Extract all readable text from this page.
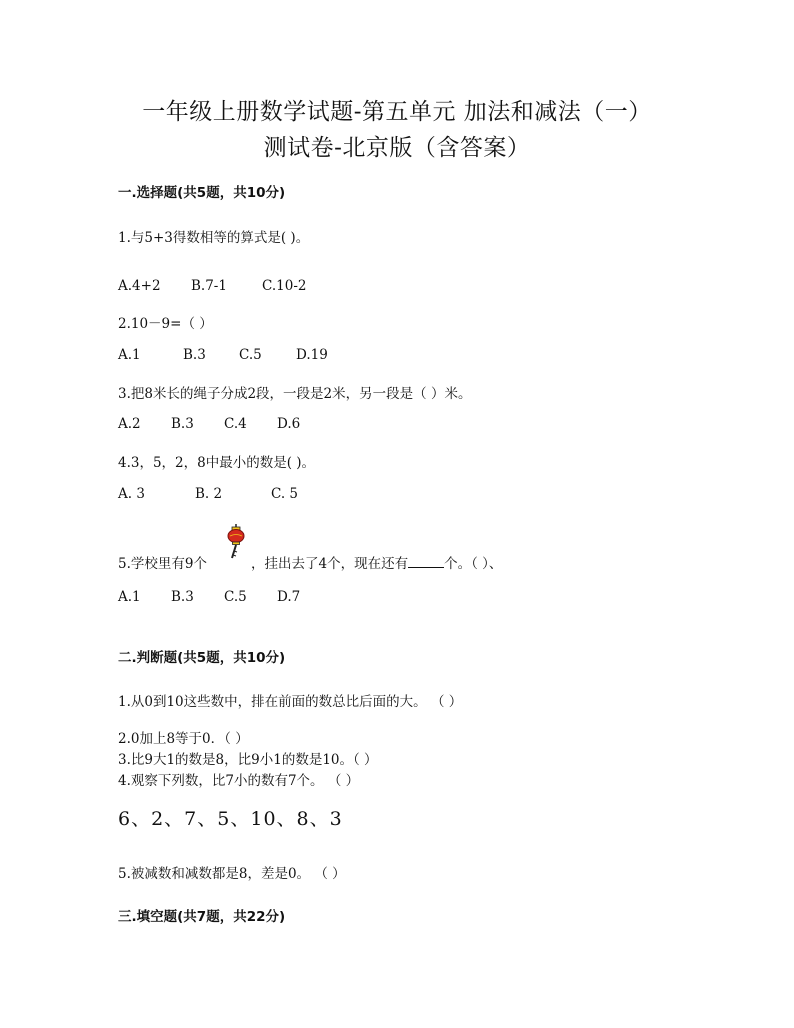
一年级上册数学试题-第五单元 加法和减法（一）
测试卷-北京版（含答案）
一.选择题(共5题，共10分)
1.与5+3得数相等的算式是( )。
A.4+2 B.7-1	C.10-2
2.10－9=（ ）
A.1	B.3 C.5	D.19
3.把8米长的绳子分成2段，一段是2米，另一段是（ ）米。
A.2 B.3 C.4 D.6
4.3，5，2，8中最小的数是( )。
A. 3	B. 2	C. 5
5.学校里有9个	，挂出去了4个，现在还有	个。（ ）、
A.1 B.3 C.5 D.7
二.判断题(共5题，共10分)
1.从0到10这些数中，排在前面的数总比后面的大。 （ ）
2.0加上8等于0．（ ）
3.比9大1的数是8，比9小1的数是10。（ ）
4.观察下列数，比7小的数有7个。 （ ）
6、2、7、5、10、8、3
5.被减数和减数都是8，差是0。 （ ）
三.填空题(共7题，共22分)
